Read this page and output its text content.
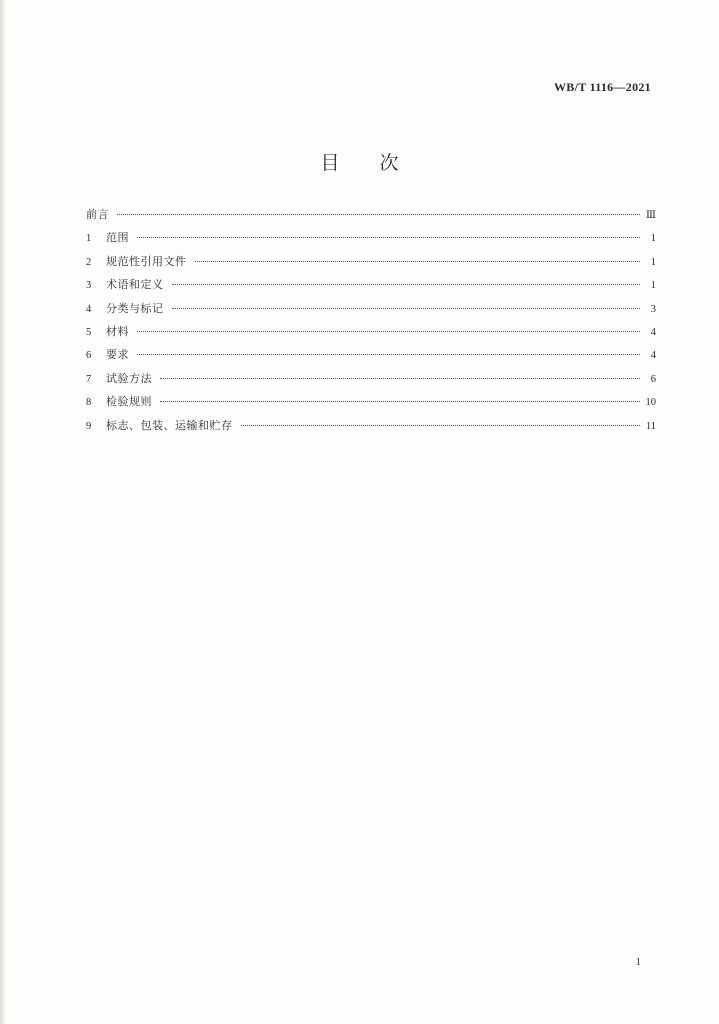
WB/T 1116—2021
目次
前言	Ⅲ
1	范围	1
2	规范性引用文件	1
3	术语和定义	1
4	分类与标记	3
5	材料	4
6	要求	4
7	试验方法	6
8	检验规则	10
9	标志、包装、运输和贮存	11
1
